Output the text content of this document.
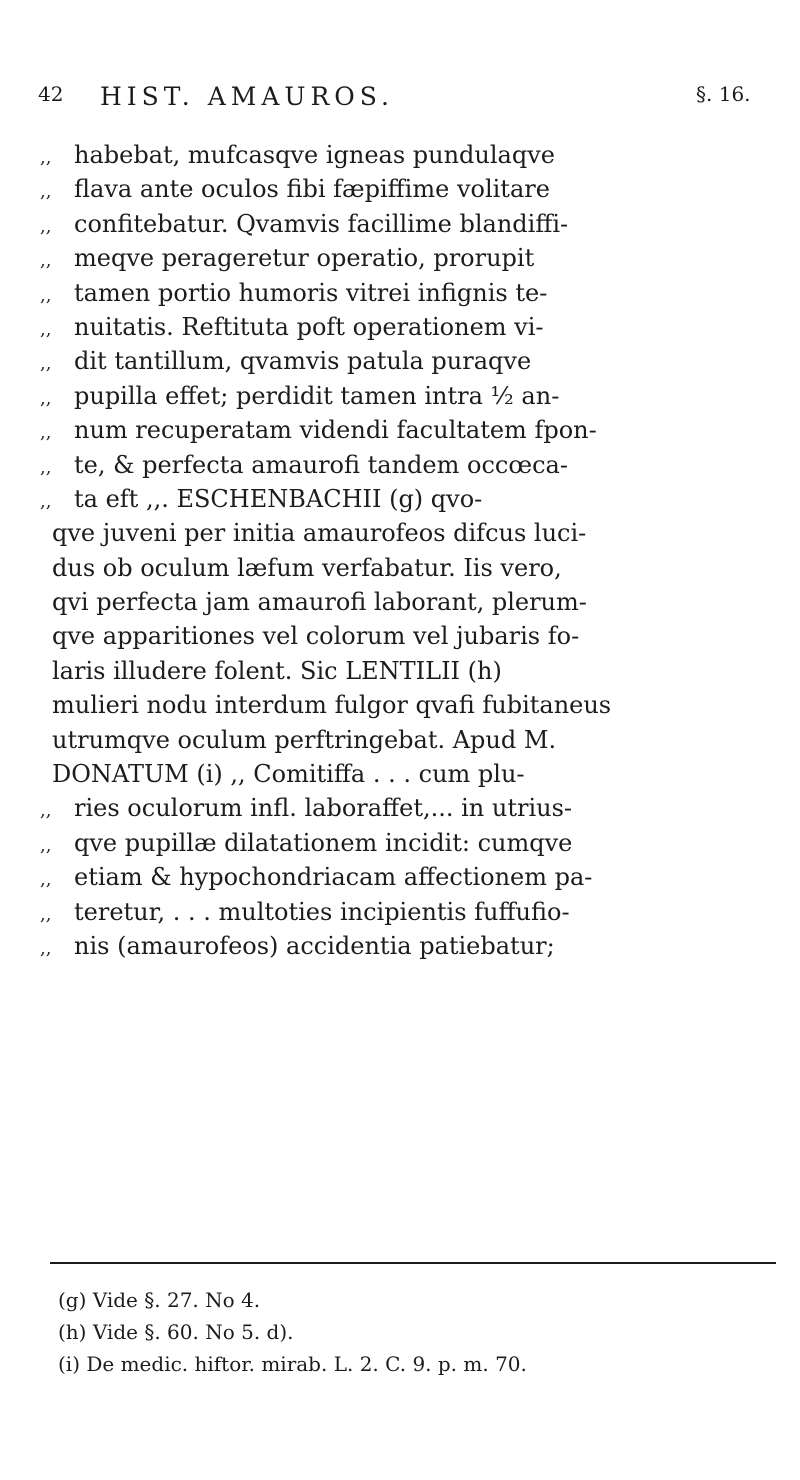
42 HIST. AMAUROS.	§. 16.
,, habebat, mufcasqve igneas pundulaqve
,, flava ante oculos fibi fæpiffime volitare
,, confitebatur. Qvamvis facillime blandiffi-
,, meqve perageretur operatio, prorupit
,, tamen portio humoris vitrei infignis te-
,, nuitatis. Reftituta poft operationem vi-
,, dit tantillum, qvamvis patula puraqve
,, pupilla effet; perdidit tamen intra ½ an-
,, num recuperatam videndi facultatem fpon-
,, te, & perfecta amaurofi tandem occœca-
,, ta eft ,,. ESCHENBACHII (g) qvo-
qve juveni per initia amaurofeos difcus luci-
dus ob oculum læfum verfabatur. Iis vero,
qvi perfecta jam amaurofi laborant, plerum-
qve apparitiones vel colorum vel jubaris fo-
laris illudere folent. Sic LENTILII (h)
mulieri nodu interdum fulgor qvafi fubitaneus
utrumqve oculum perftringebat. Apud M.
DONATUM (i) ,, Comitiffa . . . cum plu-
,, ries oculorum infl. laboraffet,... in utrius-
,, qve pupillæ dilatationem incidit: cumqve
,, etiam & hypochondriacam affectionem pa-
,, teretur, . . . multoties incipientis fuffufio-
,, nis (amaurofeos) accidentia patiebatur;
(g) Vide §. 27. No 4.
(h) Vide §. 60. No 5. d).
(i) De medic. hiftor. mirab. L. 2. C. 9. p. m. 70.
